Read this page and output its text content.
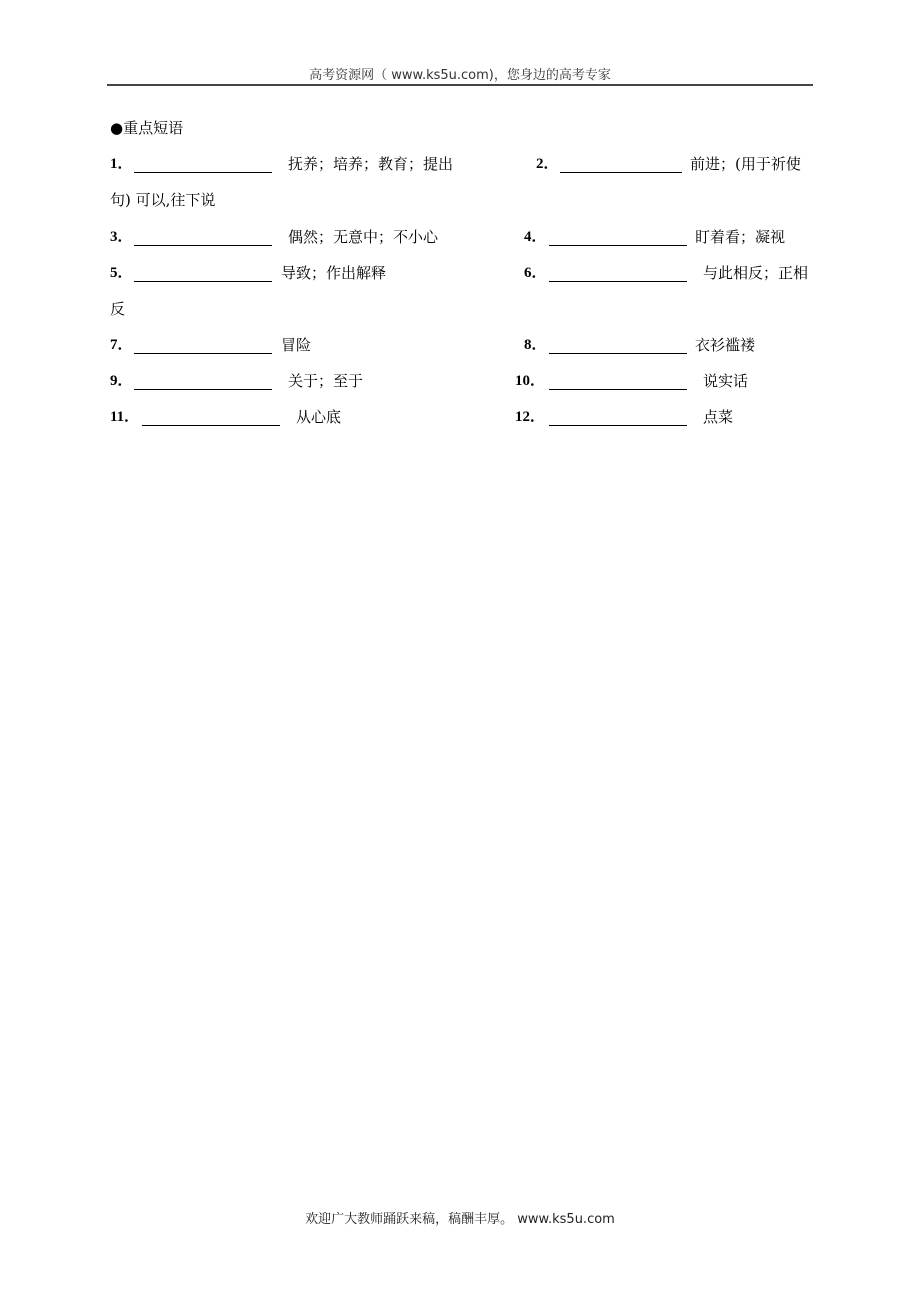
高考资源网（ www.ks5u.com)，您身边的高考专家
●重点短语
1．	抚养；培养；教育；提出	2．	前进；(用于祈使
句) 可以,往下说
3．	偶然；无意中；不小心	4．	盯着看；凝视
5．	导致；作出解释	6．	与此相反；正相
反
7．	冒险	8．	衣衫褴褛
9．	关于；至于	10．	说实话
11．	从心底	12．	点菜
欢迎广大教师踊跃来稿，稿酬丰厚。 www.ks5u.com
